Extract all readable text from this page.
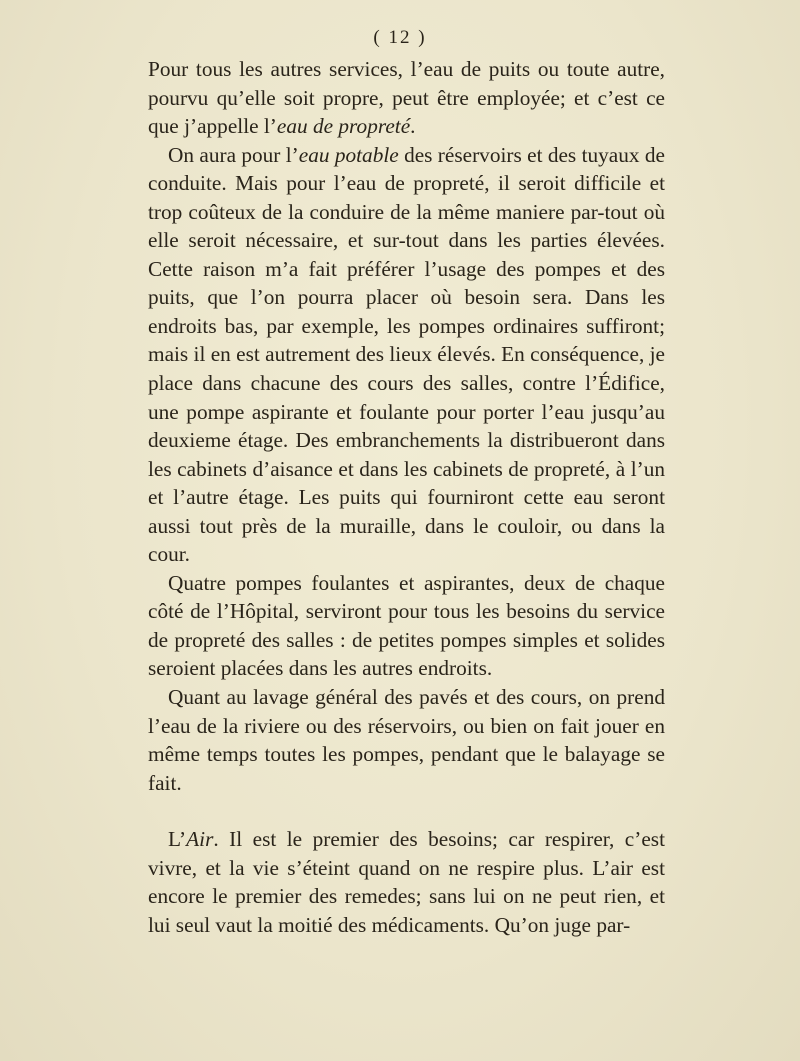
( 12 )

Pour tous les autres services, l’eau de puits ou toute autre, pourvu qu’elle soit propre, peut être employée; et c’est ce que j’appelle l’eau de propreté.

On aura pour l’eau potable des réservoirs et des tuyaux de conduite. Mais pour l’eau de propreté, il seroit difficile et trop coûteux de la conduire de la même maniere par-tout où elle seroit nécessaire, et sur-tout dans les parties élevées. Cette raison m’a fait préférer l’usage des pompes et des puits, que l’on pourra placer où besoin sera. Dans les endroits bas, par exemple, les pompes ordinaires suffiront; mais il en est autrement des lieux élevés. En conséquence, je place dans chacune des cours des salles, contre l’Édifice, une pompe aspirante et foulante pour porter l’eau jusqu’au deuxieme étage. Des embranchements la distribueront dans les cabinets d’aisance et dans les cabinets de propreté, à l’un et l’autre étage. Les puits qui fourniront cette eau seront aussi tout près de la muraille, dans le couloir, ou dans la cour.

Quatre pompes foulantes et aspirantes, deux de chaque côté de l’Hôpital, serviront pour tous les besoins du service de propreté des salles : de petites pompes simples et solides seroient placées dans les autres endroits.

Quant au lavage général des pavés et des cours, on prend l’eau de la riviere ou des réservoirs, ou bien on fait jouer en même temps toutes les pompes, pendant que le balayage se fait.

L’Air. Il est le premier des besoins; car respirer, c’est vivre, et la vie s’éteint quand on ne respire plus. L’air est encore le premier des remedes; sans lui on ne peut rien, et lui seul vaut la moitié des médicaments. Qu’on juge par-
